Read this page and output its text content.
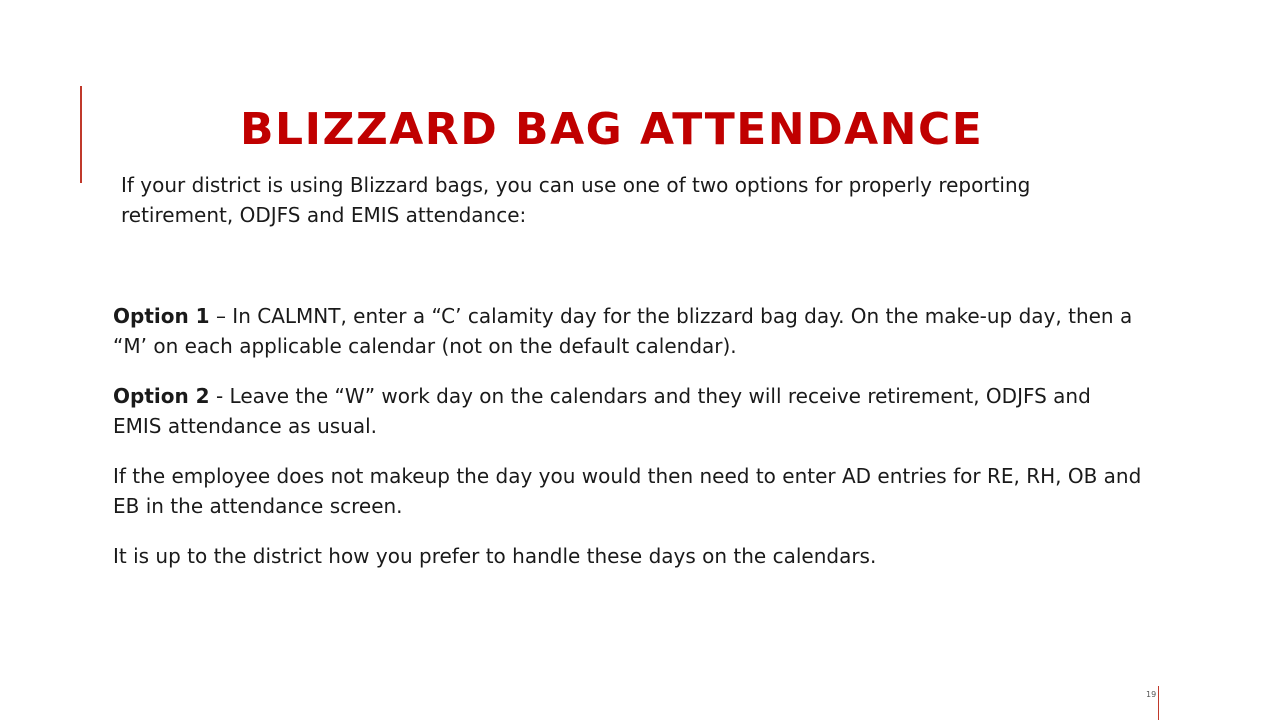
BLIZZARD BAG ATTENDANCE

If your district is using Blizzard bags, you can use one of two options for properly reporting retirement, ODJFS and EMIS attendance:

Option 1 – In CALMNT, enter a “C’ calamity day for the blizzard bag day. On the make-up day, then a “M’ on each applicable calendar (not on the default calendar).

Option 2 - Leave the “W” work day on the calendars and they will receive retirement, ODJFS and EMIS attendance as usual.

If the employee does not makeup the day you would then need to enter AD entries for RE, RH, OB and EB in the attendance screen.

It is up to the district how you prefer to handle these days on the calendars.

19
